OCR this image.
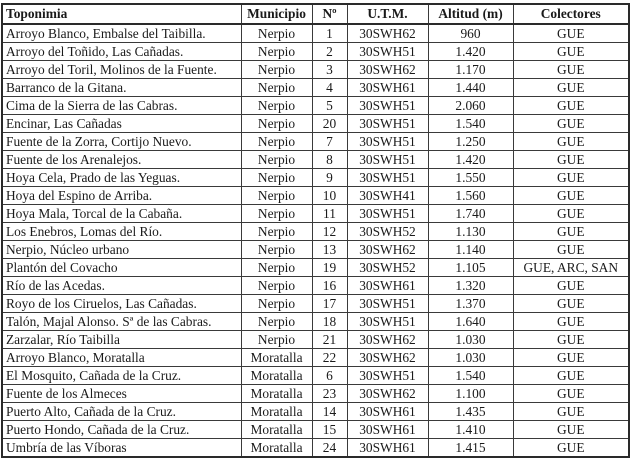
Toponimia	Municipio	Nº	U.T.M.	Altitud (m)	Colectores
Arroyo Blanco, Embalse del Taibilla.	Nerpio	1	30SWH62	960	GUE
Arroyo del Toñido, Las Cañadas.	Nerpio	2	30SWH51	1.420	GUE
Arroyo del Toril, Molinos de la Fuente.	Nerpio	3	30SWH62	1.170	GUE
Barranco de la Gitana.	Nerpio	4	30SWH61	1.440	GUE
Cima de la Sierra de las Cabras.	Nerpio	5	30SWH51	2.060	GUE
Encinar, Las Cañadas	Nerpio	20	30SWH51	1.540	GUE
Fuente de la Zorra, Cortijo Nuevo.	Nerpio	7	30SWH51	1.250	GUE
Fuente de los Arenalejos.	Nerpio	8	30SWH51	1.420	GUE
Hoya Cela, Prado de las Yeguas.	Nerpio	9	30SWH51	1.550	GUE
Hoya del Espino de Arriba.	Nerpio	10	30SWH41	1.560	GUE
Hoya Mala, Torcal de la Cabaña.	Nerpio	11	30SWH51	1.740	GUE
Los Enebros, Lomas del Río.	Nerpio	12	30SWH52	1.130	GUE
Nerpio, Núcleo urbano	Nerpio	13	30SWH62	1.140	GUE
Plantón del Covacho	Nerpio	19	30SWH52	1.105	GUE, ARC, SAN
Río de las Acedas.	Nerpio	16	30SWH61	1.320	GUE
Royo de los Ciruelos, Las Cañadas.	Nerpio	17	30SWH51	1.370	GUE
Talón, Majal Alonso. Sª de las Cabras.	Nerpio	18	30SWH51	1.640	GUE
Zarzalar, Río Taibilla	Nerpio	21	30SWH62	1.030	GUE
Arroyo Blanco, Moratalla	Moratalla	22	30SWH62	1.030	GUE
El Mosquito, Cañada de la Cruz.	Moratalla	6	30SWH51	1.540	GUE
Fuente de los Almeces	Moratalla	23	30SWH62	1.100	GUE
Puerto Alto, Cañada de la Cruz.	Moratalla	14	30SWH61	1.435	GUE
Puerto Hondo, Cañada de la Cruz.	Moratalla	15	30SWH61	1.410	GUE
Umbría de las Víboras	Moratalla	24	30SWH61	1.415	GUE
